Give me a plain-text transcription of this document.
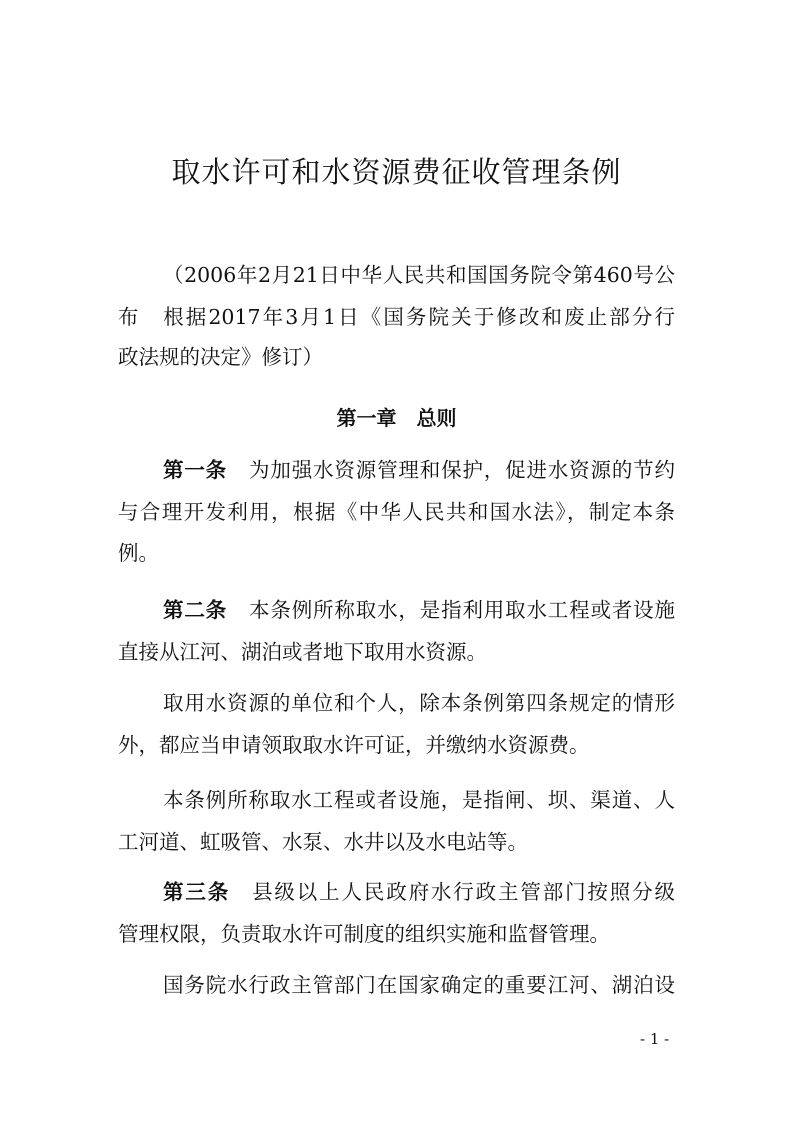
取水许可和水资源费征收管理条例
（2006年2月21日中华人民共和国国务院令第460号公
布　根据2017年3月1日《国务院关于修改和废止部分行
政法规的决定》修订）
第一章　总则
第一条 为加强水资源管理和保护，促进水资源的节约
与合理开发利用，根据《中华人民共和国水法》，制定本条
例。
第二条 本条例所称取水，是指利用取水工程或者设施
直接从江河、湖泊或者地下取用水资源。
取用水资源的单位和个人，除本条例第四条规定的情形
外，都应当申请领取取水许可证，并缴纳水资源费。
本条例所称取水工程或者设施，是指闸、坝、渠道、人
工河道、虹吸管、水泵、水井以及水电站等。
第三条 县级以上人民政府水行政主管部门按照分级
管理权限，负责取水许可制度的组织实施和监督管理。
国务院水行政主管部门在国家确定的重要江河、湖泊设
- 1 -
